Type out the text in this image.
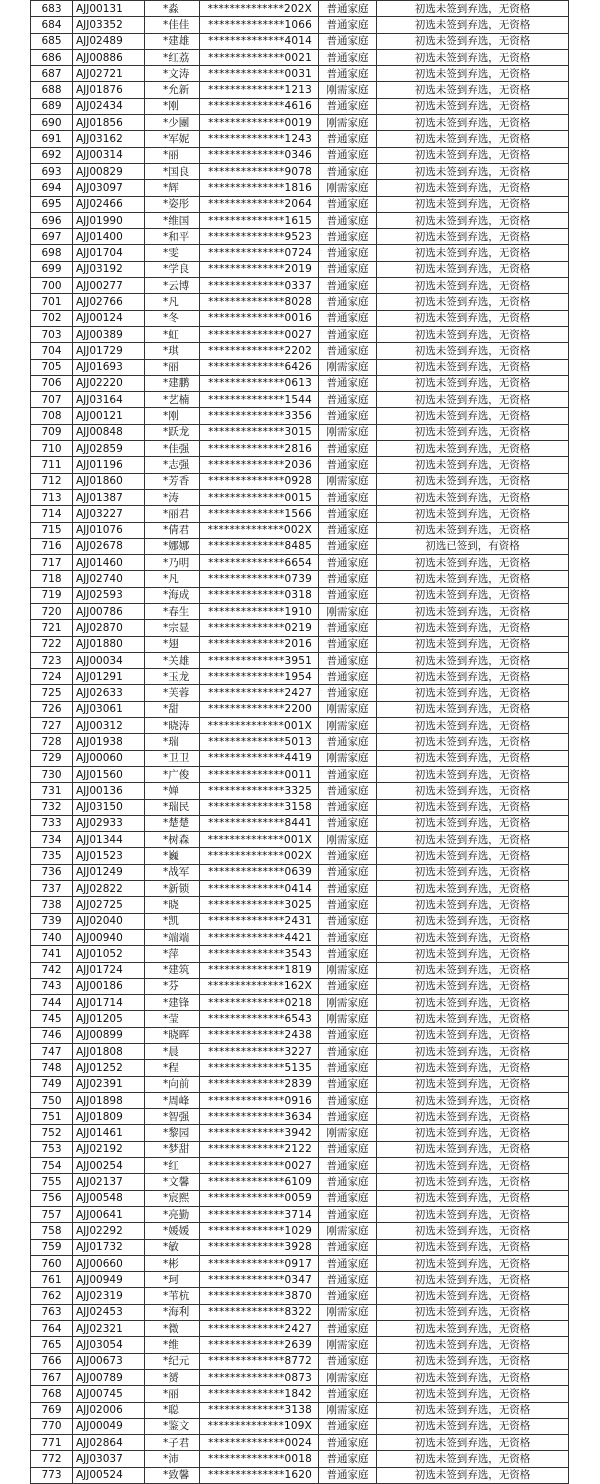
683	AJJ00131	*淼	**************202X	普通家庭	初选未签到弃选，无资格
684	AJJ03352	*佳佳	**************1066	普通家庭	初选未签到弃选，无资格
685	AJJ02489	*建雄	**************4014	普通家庭	初选未签到弃选，无资格
686	AJJ00886	*红荔	**************0021	普通家庭	初选未签到弃选，无资格
687	AJJ02721	*文涛	**************0031	普通家庭	初选未签到弃选，无资格
688	AJJ01876	*允新	**************1213	刚需家庭	初选未签到弃选，无资格
689	AJJ02434	*刚	**************4616	普通家庭	初选未签到弃选，无资格
690	AJJ01856	*少團	**************0019	刚需家庭	初选未签到弃选，无资格
691	AJJ03162	*军妮	**************1243	普通家庭	初选未签到弃选，无资格
692	AJJ00314	*丽	**************0346	普通家庭	初选未签到弃选，无资格
693	AJJ00829	*国良	**************9078	普通家庭	初选未签到弃选，无资格
694	AJJ03097	*辉	**************1816	刚需家庭	初选未签到弃选，无资格
695	AJJ02466	*姿彤	**************2064	普通家庭	初选未签到弃选，无资格
696	AJJ01990	*维国	**************1615	普通家庭	初选未签到弃选，无资格
697	AJJ01400	*和平	**************9523	普通家庭	初选未签到弃选，无资格
698	AJJ01704	*雯	**************0724	普通家庭	初选未签到弃选，无资格
699	AJJ03192	*学良	**************2019	普通家庭	初选未签到弃选，无资格
700	AJJ00277	*云博	**************0337	普通家庭	初选未签到弃选，无资格
701	AJJ02766	*凡	**************8028	普通家庭	初选未签到弃选，无资格
702	AJJ00124	*冬	**************0016	普通家庭	初选未签到弃选，无资格
703	AJJ00389	*虹	**************0027	普通家庭	初选未签到弃选，无资格
704	AJJ01729	*琪	**************2202	普通家庭	初选未签到弃选，无资格
705	AJJ01693	*丽	**************6426	刚需家庭	初选未签到弃选，无资格
706	AJJ02220	*建鹏	**************0613	普通家庭	初选未签到弃选，无资格
707	AJJ03164	*艺楠	**************1544	普通家庭	初选未签到弃选，无资格
708	AJJ00121	*刚	**************3356	普通家庭	初选未签到弃选，无资格
709	AJJ00848	*跃龙	**************3015	刚需家庭	初选未签到弃选，无资格
710	AJJ02859	*佳强	**************2816	普通家庭	初选未签到弃选，无资格
711	AJJ01196	*志强	**************2036	普通家庭	初选未签到弃选，无资格
712	AJJ01860	*芳香	**************0928	刚需家庭	初选未签到弃选，无资格
713	AJJ01387	*涛	**************0015	普通家庭	初选未签到弃选，无资格
714	AJJ03227	*丽君	**************1566	普通家庭	初选未签到弃选，无资格
715	AJJ01076	*倩君	**************002X	普通家庭	初选未签到弃选，无资格
716	AJJ02678	*娜娜	**************8485	普通家庭	初选已签到，有资格
717	AJJ01460	*乃明	**************6654	普通家庭	初选未签到弃选，无资格
718	AJJ02740	*凡	**************0739	普通家庭	初选未签到弃选，无资格
719	AJJ02593	*海成	**************0318	普通家庭	初选未签到弃选，无资格
720	AJJ00786	*春生	**************1910	刚需家庭	初选未签到弃选，无资格
721	AJJ02870	*宗显	**************0219	普通家庭	初选未签到弃选，无资格
722	AJJ01880	*翅	**************2016	普通家庭	初选未签到弃选，无资格
723	AJJ00034	*关雄	**************3951	普通家庭	初选未签到弃选，无资格
724	AJJ01291	*玉龙	**************1954	普通家庭	初选未签到弃选，无资格
725	AJJ02633	*芙蓉	**************2427	普通家庭	初选未签到弃选，无资格
726	AJJ03061	*甜	**************2200	刚需家庭	初选未签到弃选，无资格
727	AJJ00312	*晓涛	**************001X	刚需家庭	初选未签到弃选，无资格
728	AJJ01938	*瑞	**************5013	普通家庭	初选未签到弃选，无资格
729	AJJ00060	*卫卫	**************4419	刚需家庭	初选未签到弃选，无资格
730	AJJ01560	*广俊	**************0011	普通家庭	初选未签到弃选，无资格
731	AJJ00136	*婵	**************3325	普通家庭	初选未签到弃选，无资格
732	AJJ03150	*瑞民	**************3158	普通家庭	初选未签到弃选，无资格
733	AJJ02933	*楚楚	**************8441	普通家庭	初选未签到弃选，无资格
734	AJJ01344	*树森	**************001X	刚需家庭	初选未签到弃选，无资格
735	AJJ01523	*巍	**************002X	普通家庭	初选未签到弃选，无资格
736	AJJ01249	*战军	**************0639	普通家庭	初选未签到弃选，无资格
737	AJJ02822	*新锁	**************0414	普通家庭	初选未签到弃选，无资格
738	AJJ02725	*晓	**************3025	普通家庭	初选未签到弃选，无资格
739	AJJ02040	*凯	**************2431	普通家庭	初选未签到弃选，无资格
740	AJJ00940	*端端	**************4421	普通家庭	初选未签到弃选，无资格
741	AJJ01052	*萍	**************3543	普通家庭	初选未签到弃选，无资格
742	AJJ01724	*建筑	**************1819	刚需家庭	初选未签到弃选，无资格
743	AJJ00186	*芬	**************162X	普通家庭	初选未签到弃选，无资格
744	AJJ01714	*建锋	**************0218	刚需家庭	初选未签到弃选，无资格
745	AJJ01205	*莹	**************6543	刚需家庭	初选未签到弃选，无资格
746	AJJ00899	*晓晖	**************2438	普通家庭	初选未签到弃选，无资格
747	AJJ01808	*晨	**************3227	普通家庭	初选未签到弃选，无资格
748	AJJ01252	*程	**************5135	普通家庭	初选未签到弃选，无资格
749	AJJ02391	*向前	**************2839	普通家庭	初选未签到弃选，无资格
750	AJJ01898	*周峰	**************0916	普通家庭	初选未签到弃选，无资格
751	AJJ01809	*智强	**************3634	普通家庭	初选未签到弃选，无资格
752	AJJ01461	*黎园	**************3942	刚需家庭	初选未签到弃选，无资格
753	AJJ02192	*梦甜	**************2122	普通家庭	初选未签到弃选，无资格
754	AJJ00254	*红	**************0027	普通家庭	初选未签到弃选，无资格
755	AJJ02137	*文馨	**************6109	普通家庭	初选未签到弃选，无资格
756	AJJ00548	*宸熙	**************0059	普通家庭	初选未签到弃选，无资格
757	AJJ00641	*亮勤	**************3714	普通家庭	初选未签到弃选，无资格
758	AJJ02292	*媛媛	**************1029	刚需家庭	初选未签到弃选，无资格
759	AJJ01732	*敏	**************3928	普通家庭	初选未签到弃选，无资格
760	AJJ00660	*彬	**************0917	普通家庭	初选未签到弃选，无资格
761	AJJ00949	*珂	**************0347	普通家庭	初选未签到弃选，无资格
762	AJJ02319	*苇杭	**************3870	普通家庭	初选未签到弃选，无资格
763	AJJ02453	*海利	**************8322	刚需家庭	初选未签到弃选，无资格
764	AJJ02321	*微	**************2427	普通家庭	初选未签到弃选，无资格
765	AJJ03054	*维	**************2639	刚需家庭	初选未签到弃选，无资格
766	AJJ00673	*纪元	**************8772	普通家庭	初选未签到弃选，无资格
767	AJJ00789	*赟	**************0873	刚需家庭	初选未签到弃选，无资格
768	AJJ00745	*丽	**************1842	普通家庭	初选未签到弃选，无资格
769	AJJ02006	*聪	**************3138	刚需家庭	初选未签到弃选，无资格
770	AJJ00049	*鉴文	**************109X	普通家庭	初选未签到弃选，无资格
771	AJJ02864	*子君	**************0024	普通家庭	初选未签到弃选，无资格
772	AJJ03037	*沛	**************0018	普通家庭	初选未签到弃选，无资格
773	AJJ00524	*致馨	**************1620	普通家庭	初选未签到弃选，无资格
